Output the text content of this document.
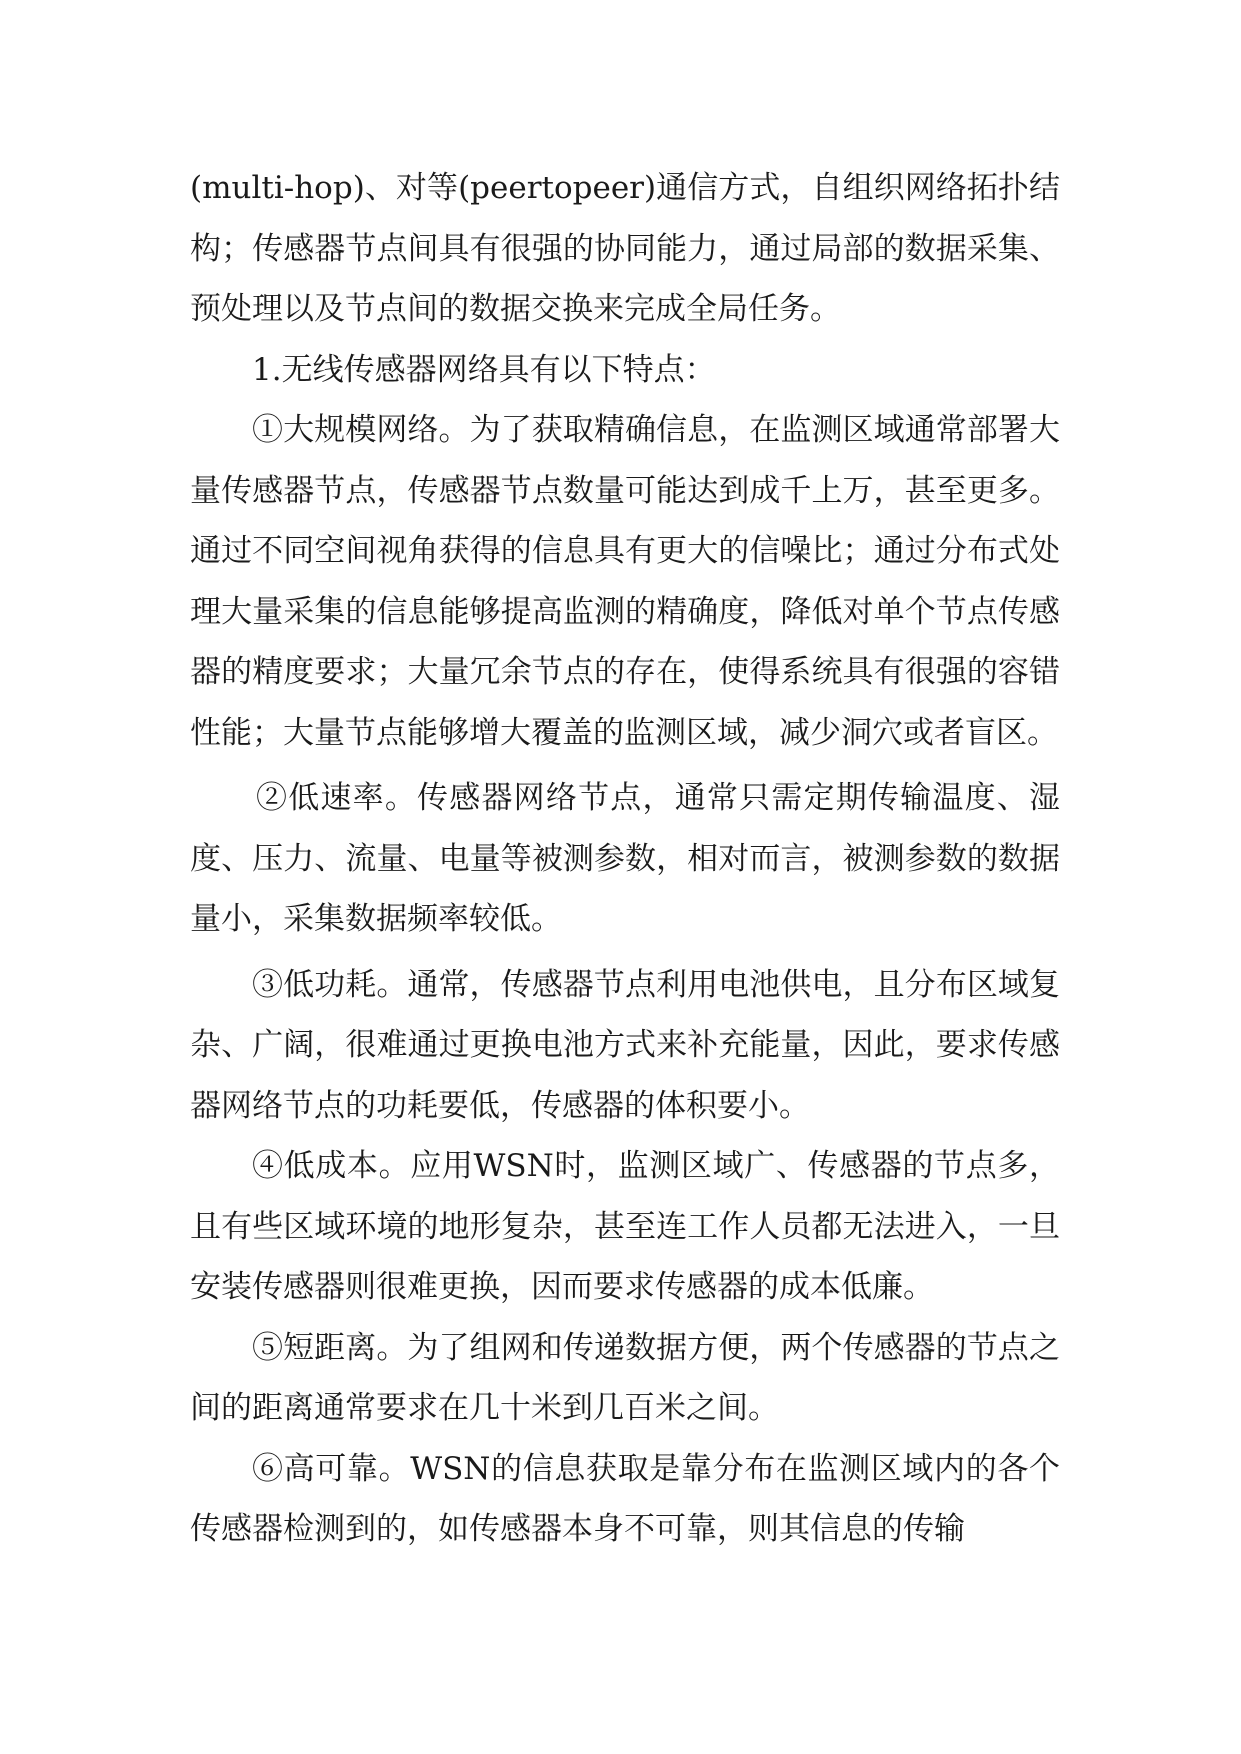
(multi-hop)、对等(peertopeer)通信方式，自组织网络拓扑结构；传感器节点间具有很强的协同能力，通过局部的数据采集、预处理以及节点间的数据交换来完成全局任务。

1.无线传感器网络具有以下特点：

①大规模网络。为了获取精确信息，在监测区域通常部署大量传感器节点，传感器节点数量可能达到成千上万，甚至更多。通过不同空间视角获得的信息具有更大的信噪比；通过分布式处理大量采集的信息能够提高监测的精确度，降低对单个节点传感器的精度要求；大量冗余节点的存在，使得系统具有很强的容错性能；大量节点能够增大覆盖的监测区域，减少洞穴或者盲区。

②低速率。传感器网络节点，通常只需定期传输温度、湿度、压力、流量、电量等被测参数，相对而言，被测参数的数据量小，采集数据频率较低。

③低功耗。通常，传感器节点利用电池供电，且分布区域复杂、广阔，很难通过更换电池方式来补充能量，因此，要求传感器网络节点的功耗要低，传感器的体积要小。

④低成本。应用WSN时，监测区域广、传感器的节点多，且有些区域环境的地形复杂，甚至连工作人员都无法进入，一旦安装传感器则很难更换，因而要求传感器的成本低廉。

⑤短距离。为了组网和传递数据方便，两个传感器的节点之间的距离通常要求在几十米到几百米之间。

⑥高可靠。WSN的信息获取是靠分布在监测区域内的各个传感器检测到的，如传感器本身不可靠，则其信息的传输
